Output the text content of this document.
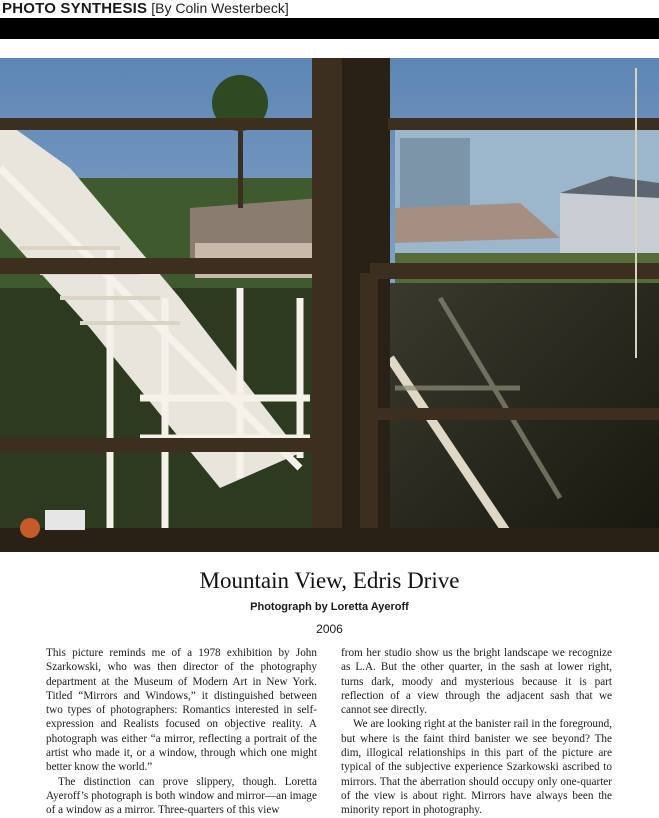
PHOTO SYNTHESIS [By Colin Westerbeck]
Mountain View, Edris Drive
Photograph by Loretta Ayeroff
2006

This picture reminds me of a 1978 exhibition by John Szarkowski, who was then director of the photography department at the Museum of Modern Art in New York. Titled “Mirrors and Windows,” it distinguished between two types of photographers: Romantics interested in self-expression and Realists focused on objective reality. A photograph was either “a mirror, reflecting a portrait of the artist who made it, or a window, through which one might better know the world.”

The distinction can prove slippery, though. Loretta Ayeroff’s photograph is both window and mirror—an image of a window as a mirror. Three-quarters of this view

from her studio show us the bright landscape we recognize as L.A. But the other quarter, in the sash at lower right, turns dark, moody and mysterious because it is part reflection of a view through the adjacent sash that we cannot see directly.

We are looking right at the banister rail in the foreground, but where is the faint third banister we see beyond? The dim, illogical relationships in this part of the picture are typical of the subjective experience Szarkowski ascribed to mirrors. That the aberration should occupy only one-quarter of the view is about right. Mirrors have always been the minority report in photography.
